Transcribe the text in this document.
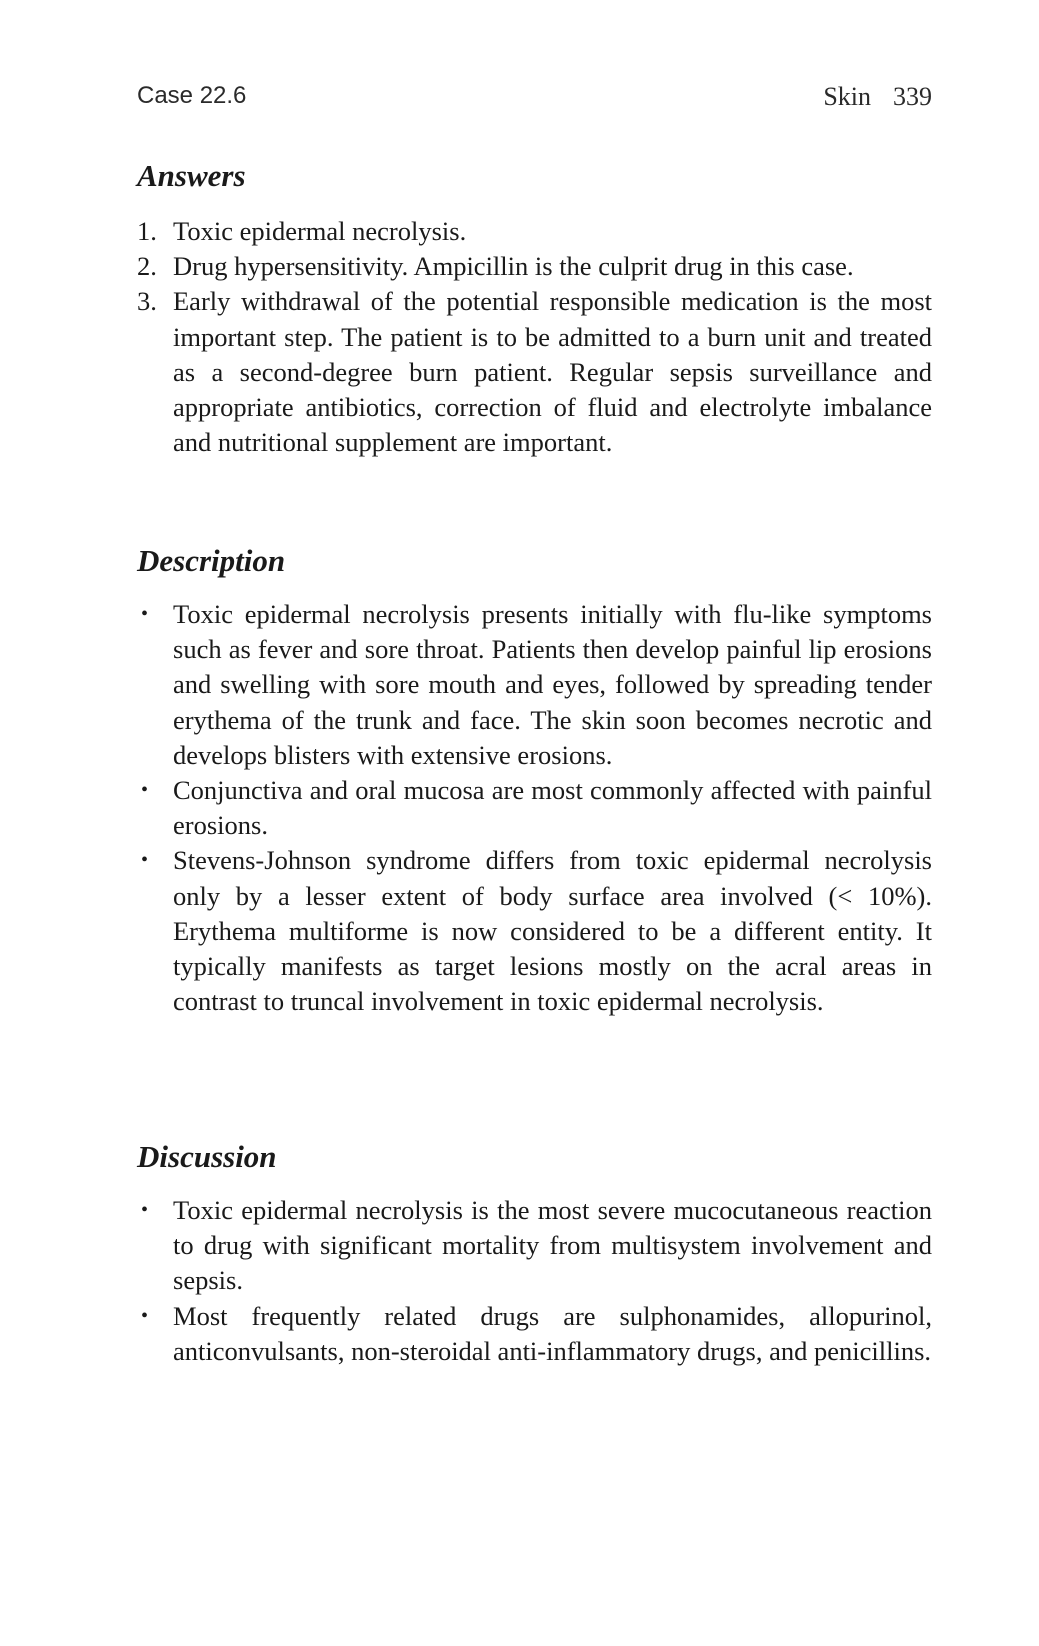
Case 22.6	Skin 339
Answers
1. Toxic epidermal necrolysis.
2. Drug hypersensitivity. Ampicillin is the culprit drug in this case.
3. Early withdrawal of the potential responsible medication is the most important step. The patient is to be admitted to a burn unit and treated as a second-degree burn patient. Regular sepsis surveillance and appropriate antibiotics, correction of fluid and electrolyte imbalance and nutritional supplement are important.
Description
• Toxic epidermal necrolysis presents initially with flu-like symptoms such as fever and sore throat. Patients then develop painful lip erosions and swelling with sore mouth and eyes, followed by spreading tender erythema of the trunk and face. The skin soon becomes necrotic and develops blisters with extensive erosions.
• Conjunctiva and oral mucosa are most commonly affected with painful erosions.
• Stevens-Johnson syndrome differs from toxic epidermal necrolysis only by a lesser extent of body surface area involved (< 10%). Erythema multiforme is now considered to be a different entity. It typically manifests as target lesions mostly on the acral areas in contrast to truncal involvement in toxic epidermal necrolysis.
Discussion
• Toxic epidermal necrolysis is the most severe mucocutaneous reaction to drug with significant mortality from multisystem involvement and sepsis.
• Most frequently related drugs are sulphonamides, allopurinol, anticonvulsants, non-steroidal anti-inflammatory drugs, and penicillins.
